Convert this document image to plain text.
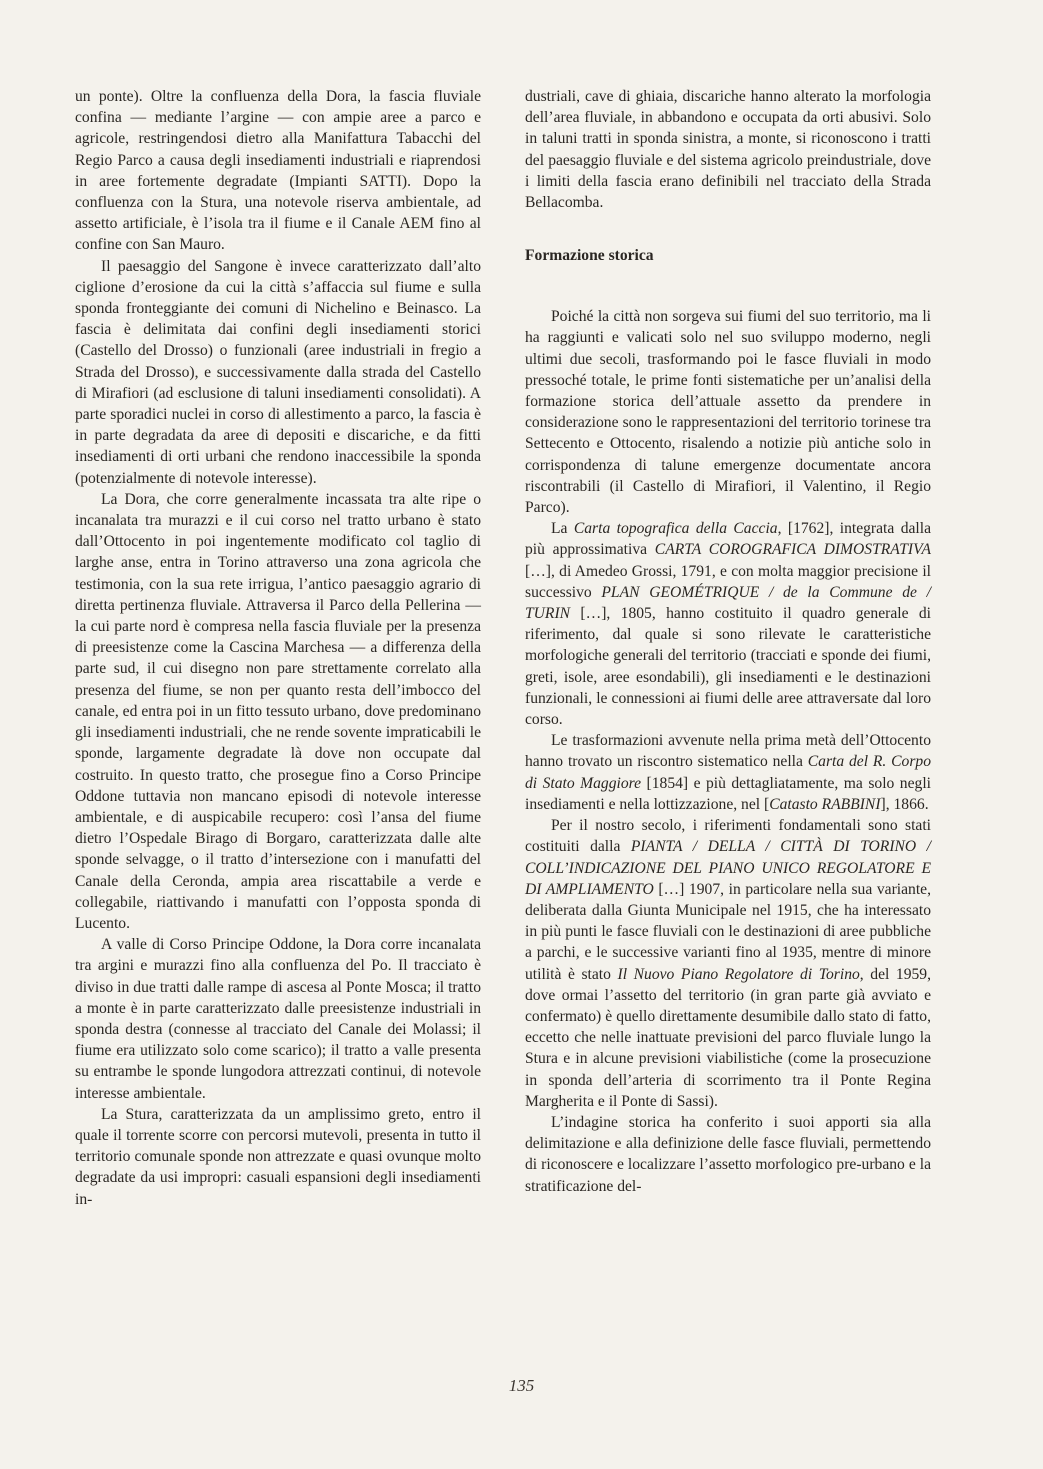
un ponte). Oltre la confluenza della Dora, la fascia fluviale confina — mediante l’argine — con ampie aree a parco e agricole, restringendosi dietro alla Manifattura Tabacchi del Regio Parco a causa degli insediamenti industriali e riaprendosi in aree fortemente degradate (Impianti SATTI). Dopo la confluenza con la Stura, una notevole riserva ambientale, ad assetto artificiale, è l’isola tra il fiume e il Canale AEM fino al confine con San Mauro.

Il paesaggio del Sangone è invece caratterizzato dall’alto ciglione d’erosione da cui la città s’affaccia sul fiume e sulla sponda fronteggiante dei comuni di Nichelino e Beinasco. La fascia è delimitata dai confini degli insediamenti storici (Castello del Drosso) o funzionali (aree industriali in fregio a Strada del Drosso), e successivamente dalla strada del Castello di Mirafiori (ad esclusione di taluni insediamenti consolidati). A parte sporadici nuclei in corso di allestimento a parco, la fascia è in parte degradata da aree di depositi e discariche, e da fitti insediamenti di orti urbani che rendono inaccessibile la sponda (potenzialmente di notevole interesse).

La Dora, che corre generalmente incassata tra alte ripe o incanalata tra murazzi e il cui corso nel tratto urbano è stato dall’Ottocento in poi ingentemente modificato col taglio di larghe anse, entra in Torino attraverso una zona agricola che testimonia, con la sua rete irrigua, l’antico paesaggio agrario di diretta pertinenza fluviale. Attraversa il Parco della Pellerina — la cui parte nord è compresa nella fascia fluviale per la presenza di preesistenze come la Cascina Marchesa — a differenza della parte sud, il cui disegno non pare strettamente correlato alla presenza del fiume, se non per quanto resta dell’imbocco del canale, ed entra poi in un fitto tessuto urbano, dove predominano gli insediamenti industriali, che ne rende sovente impraticabili le sponde, largamente degradate là dove non occupate dal costruito. In questo tratto, che prosegue fino a Corso Principe Oddone tuttavia non mancano episodi di notevole interesse ambientale, e di auspicabile recupero: così l’ansa del fiume dietro l’Ospedale Birago di Borgaro, caratterizzata dalle alte sponde selvagge, o il tratto d’intersezione con i manufatti del Canale della Ceronda, ampia area riscattabile a verde e collegabile, riattivando i manufatti con l’opposta sponda di Lucento.

A valle di Corso Principe Oddone, la Dora corre incanalata tra argini e murazzi fino alla confluenza del Po. Il tracciato è diviso in due tratti dalle rampe di ascesa al Ponte Mosca; il tratto a monte è in parte caratterizzato dalle preesistenze industriali in sponda destra (connesse al tracciato del Canale dei Molassi; il fiume era utilizzato solo come scarico); il tratto a valle presenta su entrambe le sponde lungodora attrezzati continui, di notevole interesse ambientale.

La Stura, caratterizzata da un amplissimo greto, entro il quale il torrente scorre con percorsi mutevoli, presenta in tutto il territorio comunale sponde non attrezzate e quasi ovunque molto degradate da usi impropri: casuali espansioni degli insediamenti in-

dustriali, cave di ghiaia, discariche hanno alterato la morfologia dell’area fluviale, in abbandono e occupata da orti abusivi. Solo in taluni tratti in sponda sinistra, a monte, si riconoscono i tratti del paesaggio fluviale e del sistema agricolo preindustriale, dove i limiti della fascia erano definibili nel tracciato della Strada Bellacomba.

Formazione storica

Poiché la città non sorgeva sui fiumi del suo territorio, ma li ha raggiunti e valicati solo nel suo sviluppo moderno, negli ultimi due secoli, trasformando poi le fasce fluviali in modo pressoché totale, le prime fonti sistematiche per un’analisi della formazione storica dell’attuale assetto da prendere in considerazione sono le rappresentazioni del territorio torinese tra Settecento e Ottocento, risalendo a notizie più antiche solo in corrispondenza di talune emergenze documentate ancora riscontrabili (il Castello di Mirafiori, il Valentino, il Regio Parco).

La Carta topografica della Caccia, [1762], integrata dalla più approssimativa CARTA COROGRAFICA DIMOSTRATIVA […], di Amedeo Grossi, 1791, e con molta maggior precisione il successivo PLAN GEOMÉTRIQUE / de la Commune de / TURIN […], 1805, hanno costituito il quadro generale di riferimento, dal quale si sono rilevate le caratteristiche morfologiche generali del territorio (tracciati e sponde dei fiumi, greti, isole, aree esondabili), gli insediamenti e le destinazioni funzionali, le connessioni ai fiumi delle aree attraversate dal loro corso.

Le trasformazioni avvenute nella prima metà dell’Ottocento hanno trovato un riscontro sistematico nella Carta del R. Corpo di Stato Maggiore [1854] e più dettagliatamente, ma solo negli insediamenti e nella lottizzazione, nel [Catasto RABBINI], 1866.

Per il nostro secolo, i riferimenti fondamentali sono stati costituiti dalla PIANTA / DELLA / CITTÀ DI TORINO / COLL’INDICAZIONE DEL PIANO UNICO REGOLATORE E DI AMPLIAMENTO […] 1907, in particolare nella sua variante, deliberata dalla Giunta Municipale nel 1915, che ha interessato in più punti le fasce fluviali con le destinazioni di aree pubbliche a parchi, e le successive varianti fino al 1935, mentre di minore utilità è stato Il Nuovo Piano Regolatore di Torino, del 1959, dove ormai l’assetto del territorio (in gran parte già avviato e confermato) è quello direttamente desumibile dallo stato di fatto, eccetto che nelle inattuate previsioni del parco fluviale lungo la Stura e in alcune previsioni viabilistiche (come la prosecuzione in sponda dell’arteria di scorrimento tra il Ponte Regina Margherita e il Ponte di Sassi).

L’indagine storica ha conferito i suoi apporti sia alla delimitazione e alla definizione delle fasce fluviali, permettendo di riconoscere e localizzare l’assetto morfologico pre-urbano e la stratificazione del-

135
